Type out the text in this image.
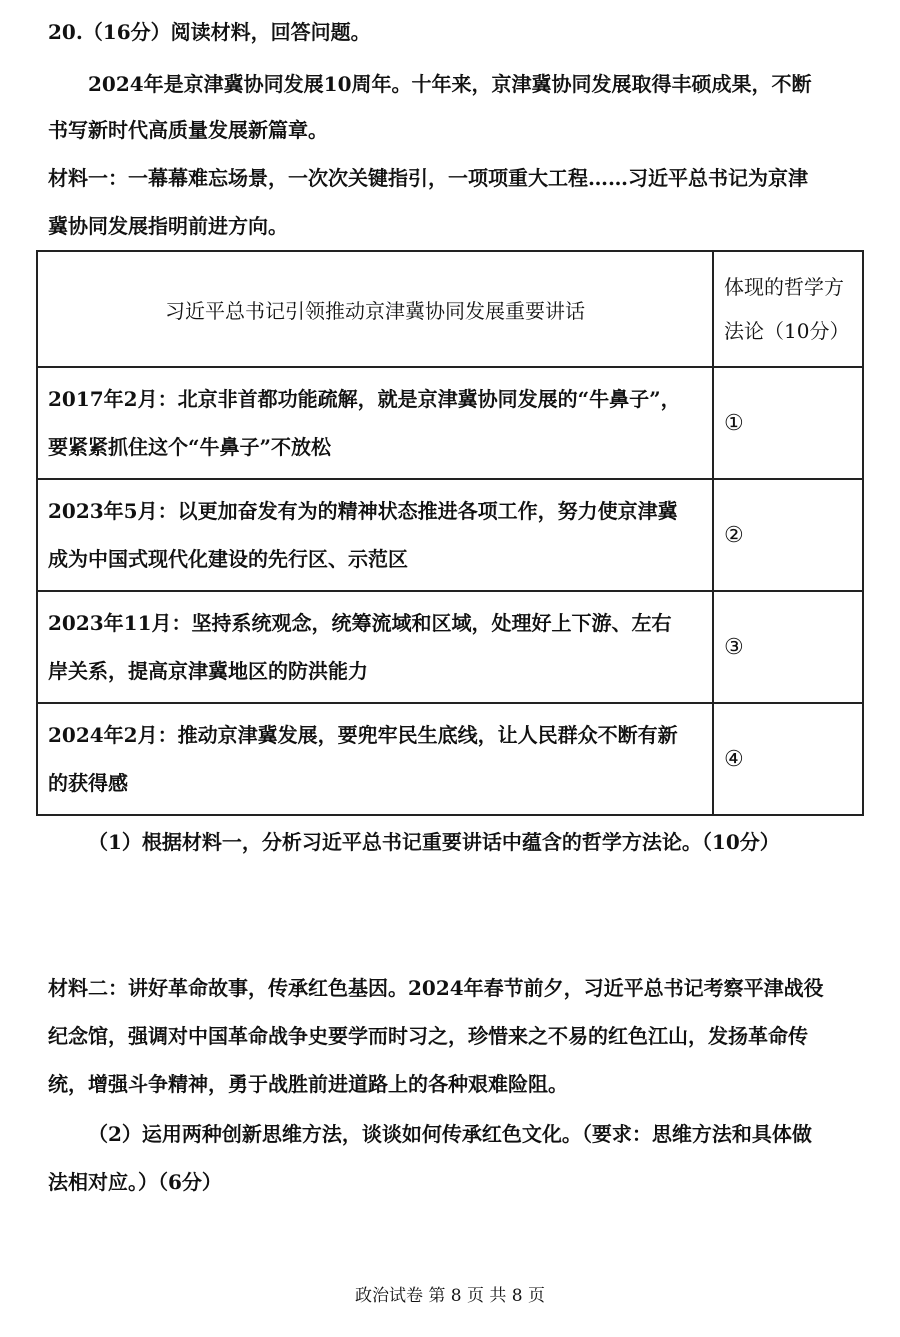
20.（16分）阅读材料，回答问题。
2024年是京津冀协同发展10周年。十年来，京津冀协同发展取得丰硕成果，不断
书写新时代高质量发展新篇章。
材料一：一幕幕难忘场景，一次次关键指引，一项项重大工程……习近平总书记为京津
冀协同发展指明前进方向。
习近平总书记引领推动京津冀协同发展重要讲话	体现的哲学方
法论（10分）
2017年2月：北京非首都功能疏解，就是京津冀协同发展的“牛鼻子”，
要紧紧抓住这个“牛鼻子”不放松	①
2023年5月：以更加奋发有为的精神状态推进各项工作，努力使京津冀
成为中国式现代化建设的先行区、示范区	②
2023年11月：坚持系统观念，统筹流域和区域，处理好上下游、左右
岸关系，提高京津冀地区的防洪能力	③
2024年2月：推动京津冀发展，要兜牢民生底线，让人民群众不断有新
的获得感	④
（1）根据材料一，分析习近平总书记重要讲话中蕴含的哲学方法论。（10分）
材料二：讲好革命故事，传承红色基因。2024年春节前夕，习近平总书记考察平津战役
纪念馆，强调对中国革命战争史要学而时习之，珍惜来之不易的红色江山，发扬革命传
统，增强斗争精神，勇于战胜前进道路上的各种艰难险阻。
（2）运用两种创新思维方法，谈谈如何传承红色文化。（要求：思维方法和具体做
法相对应。）（6分）
政治试卷 第 8 页 共 8 页
